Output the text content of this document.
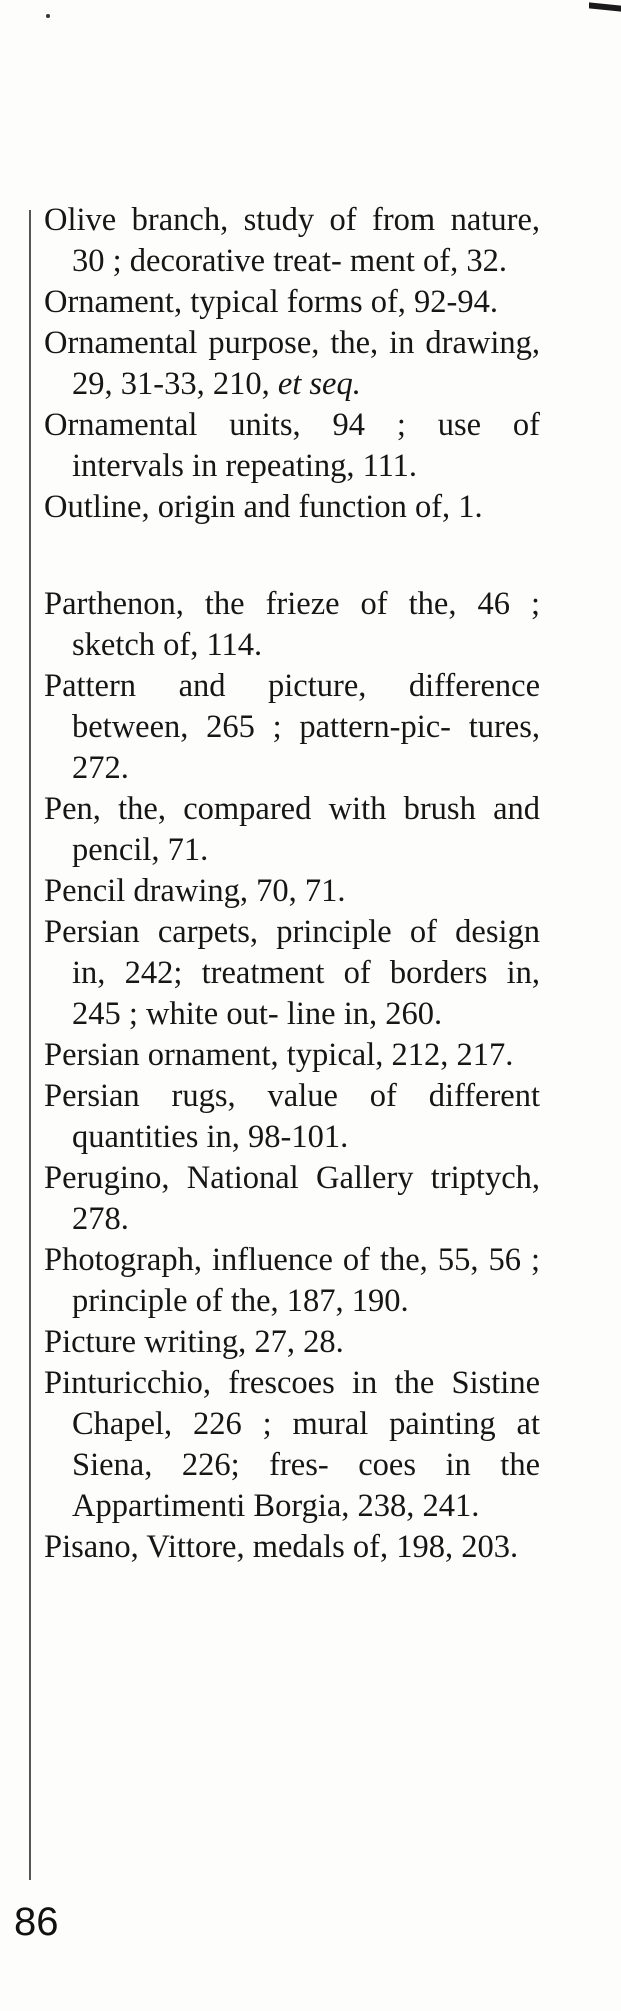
Olive branch, study of from nature, 30 ; decorative treat- ment of, 32.

Ornament, typical forms of, 92-94.

Ornamental purpose, the, in drawing, 29, 31-33, 210, et seq.

Ornamental units, 94 ; use of intervals in repeating, 111.

Outline, origin and function of, 1.

Parthenon, the frieze of the, 46 ; sketch of, 114.

Pattern and picture, difference between, 265 ; pattern-pic- tures, 272.

Pen, the, compared with brush and pencil, 71.

Pencil drawing, 70, 71.

Persian carpets, principle of design in, 242; treatment of borders in, 245 ; white out- line in, 260.

Persian ornament, typical, 212, 217.

Persian rugs, value of different quantities in, 98-101.

Perugino, National Gallery triptych, 278.

Photograph, influence of the, 55, 56 ; principle of the, 187, 190.

Picture writing, 27, 28.

Pinturicchio, frescoes in the Sistine Chapel, 226 ; mural painting at Siena, 226; fres- coes in the Appartimenti Borgia, 238, 241.

Pisano, Vittore, medals of, 198, 203.

86
